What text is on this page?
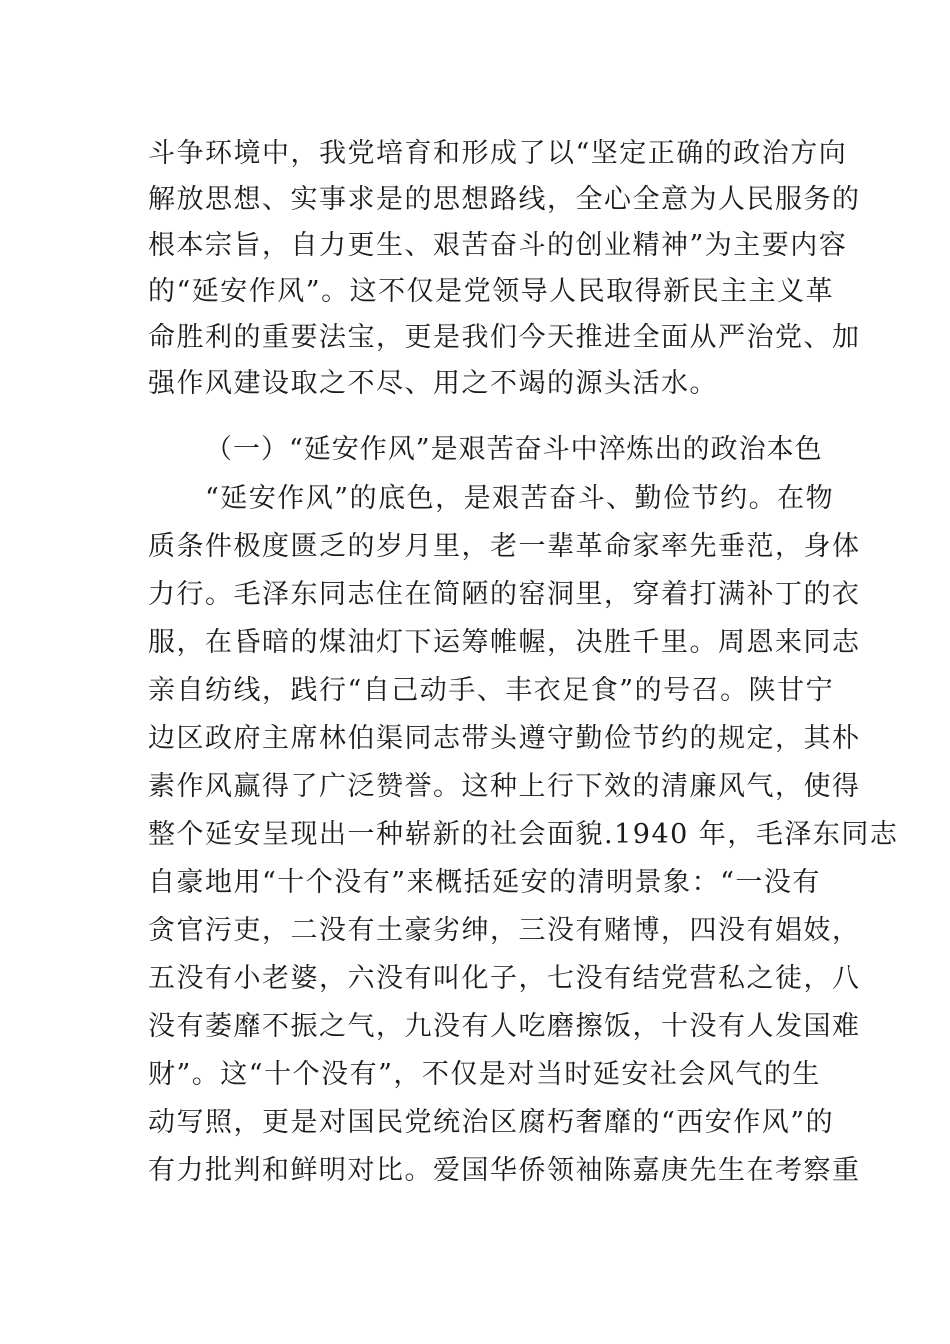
斗争环境中，我党培育和形成了以“坚定正确的政治方向
解放思想、实事求是的思想路线，全心全意为人民服务的
根本宗旨，自力更生、艰苦奋斗的创业精神”为主要内容
的“延安作风”。这不仅是党领导人民取得新民主主义革
命胜利的重要法宝，更是我们今天推进全面从严治党、加
强作风建设取之不尽、用之不竭的源头活水。
（一）“延安作风”是艰苦奋斗中淬炼出的政治本色
“延安作风”的底色，是艰苦奋斗、勤俭节约。在物
质条件极度匮乏的岁月里，老一辈革命家率先垂范，身体
力行。毛泽东同志住在简陋的窑洞里，穿着打满补丁的衣
服，在昏暗的煤油灯下运筹帷幄，决胜千里。周恩来同志
亲自纺线，践行“自己动手、丰衣足食”的号召。陕甘宁
边区政府主席林伯渠同志带头遵守勤俭节约的规定，其朴
素作风赢得了广泛赞誉。这种上行下效的清廉风气，使得
整个延安呈现出一种崭新的社会面貌.1940 年，毛泽东同志
自豪地用“十个没有”来概括延安的清明景象：“一没有
贪官污吏，二没有土豪劣绅，三没有赌博，四没有娼妓，
五没有小老婆，六没有叫化子，七没有结党营私之徒，八
没有萎靡不振之气，九没有人吃磨擦饭，十没有人发国难
财”。这“十个没有”，不仅是对当时延安社会风气的生
动写照，更是对国民党统治区腐朽奢靡的“西安作风”的
有力批判和鲜明对比。爱国华侨领袖陈嘉庚先生在考察重
